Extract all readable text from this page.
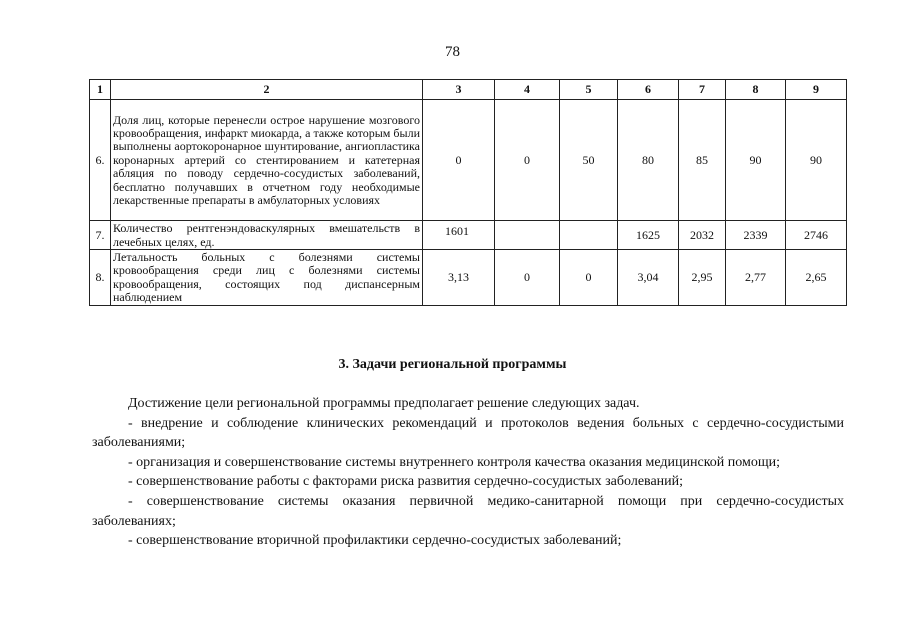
78
1	2	3	4	5	6	7	8	9
6.	Доля лиц, которые перенесли острое нарушение мозгового кровообращения, инфаркт миокарда, а также которым были выполнены аортокоронарное шунтирование, ангиопластика коронарных артерий со стентированием и катетерная абляция по поводу сердечно-сосудистых заболеваний, бесплатно получавших в отчетном году необходимые лекарственные препараты в амбулаторных условиях	0	0	50	80	85	90	90
7.	Количество рентгенэндоваскулярных вмешательств в лечебных целях, ед.	1601			1625	2032	2339	2746
8.	Летальность больных с болезнями системы кровообращения среди лиц с болезнями системы кровообращения, состоящих под диспансерным наблюдением	3,13	0	0	3,04	2,95	2,77	2,65
3. Задачи региональной программы
Достижение цели региональной программы предполагает решение следующих задач.
- внедрение и соблюдение клинических рекомендаций и протоколов ведения больных с сердечно-сосудистыми заболеваниями;
- организация и совершенствование системы внутреннего контроля качества оказания медицинской помощи;
- совершенствование работы с факторами риска развития сердечно-сосудистых заболеваний;
- совершенствование системы оказания первичной медико-санитарной помощи при сердечно-сосудистых заболеваниях;
- совершенствование вторичной профилактики сердечно-сосудистых заболеваний;
